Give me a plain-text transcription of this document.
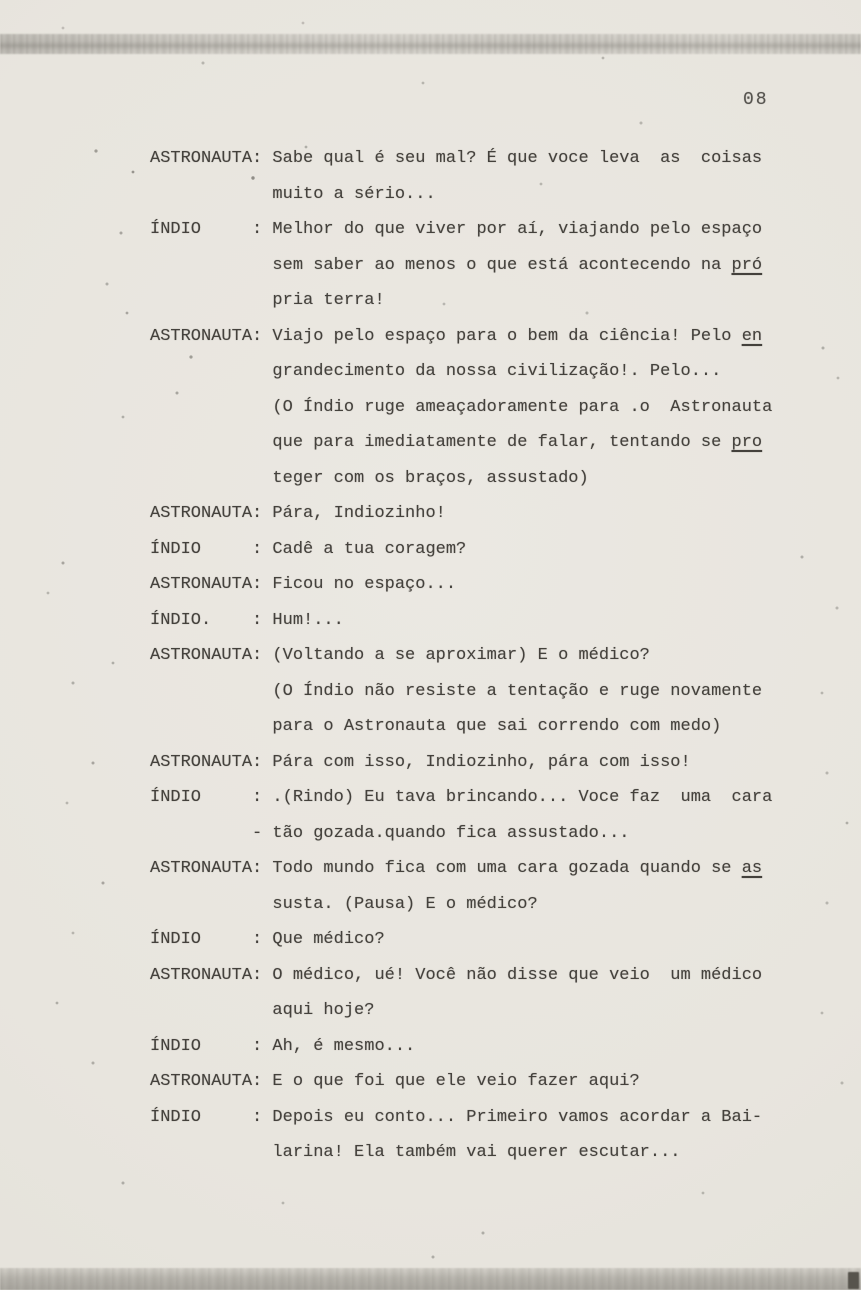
08
ASTRONAUTA: Sabe qual é seu mal? É que voce leva  as  coisas
muito a sério...
ÍNDIO     : Melhor do que viver por aí, viajando pelo espaço
sem saber ao menos o que está acontecendo na pró
pria terra!
ASTRONAUTA: Viajo pelo espaço para o bem da ciência! Pelo en
grandecimento da nossa civilização!. Pelo...
(O Índio ruge ameaçadoramente para .o  Astronauta
que para imediatamente de falar, tentando se pro
teger com os braços, assustado)
ASTRONAUTA: Pára, Indiozinho!
ÍNDIO     : Cadê a tua coragem?
ASTRONAUTA: Ficou no espaço...
ÍNDIO.    : Hum!...
ASTRONAUTA: (Voltando a se aproximar) E o médico?
(O Índio não resiste a tentação e ruge novamente
para o Astronauta que sai correndo com medo)
ASTRONAUTA: Pára com isso, Indiozinho, pára com isso!
ÍNDIO     : .(Rindo) Eu tava brincando... Voce faz  uma  cara
- tão gozada.quando fica assustado...
ASTRONAUTA: Todo mundo fica com uma cara gozada quando se as
susta. (Pausa) E o médico?
ÍNDIO     : Que médico?
ASTRONAUTA: O médico, ué! Você não disse que veio  um médico
aqui hoje?
ÍNDIO     : Ah, é mesmo...
ASTRONAUTA: E o que foi que ele veio fazer aqui?
ÍNDIO     : Depois eu conto... Primeiro vamos acordar a Bai-
larina! Ela também vai querer escutar...
